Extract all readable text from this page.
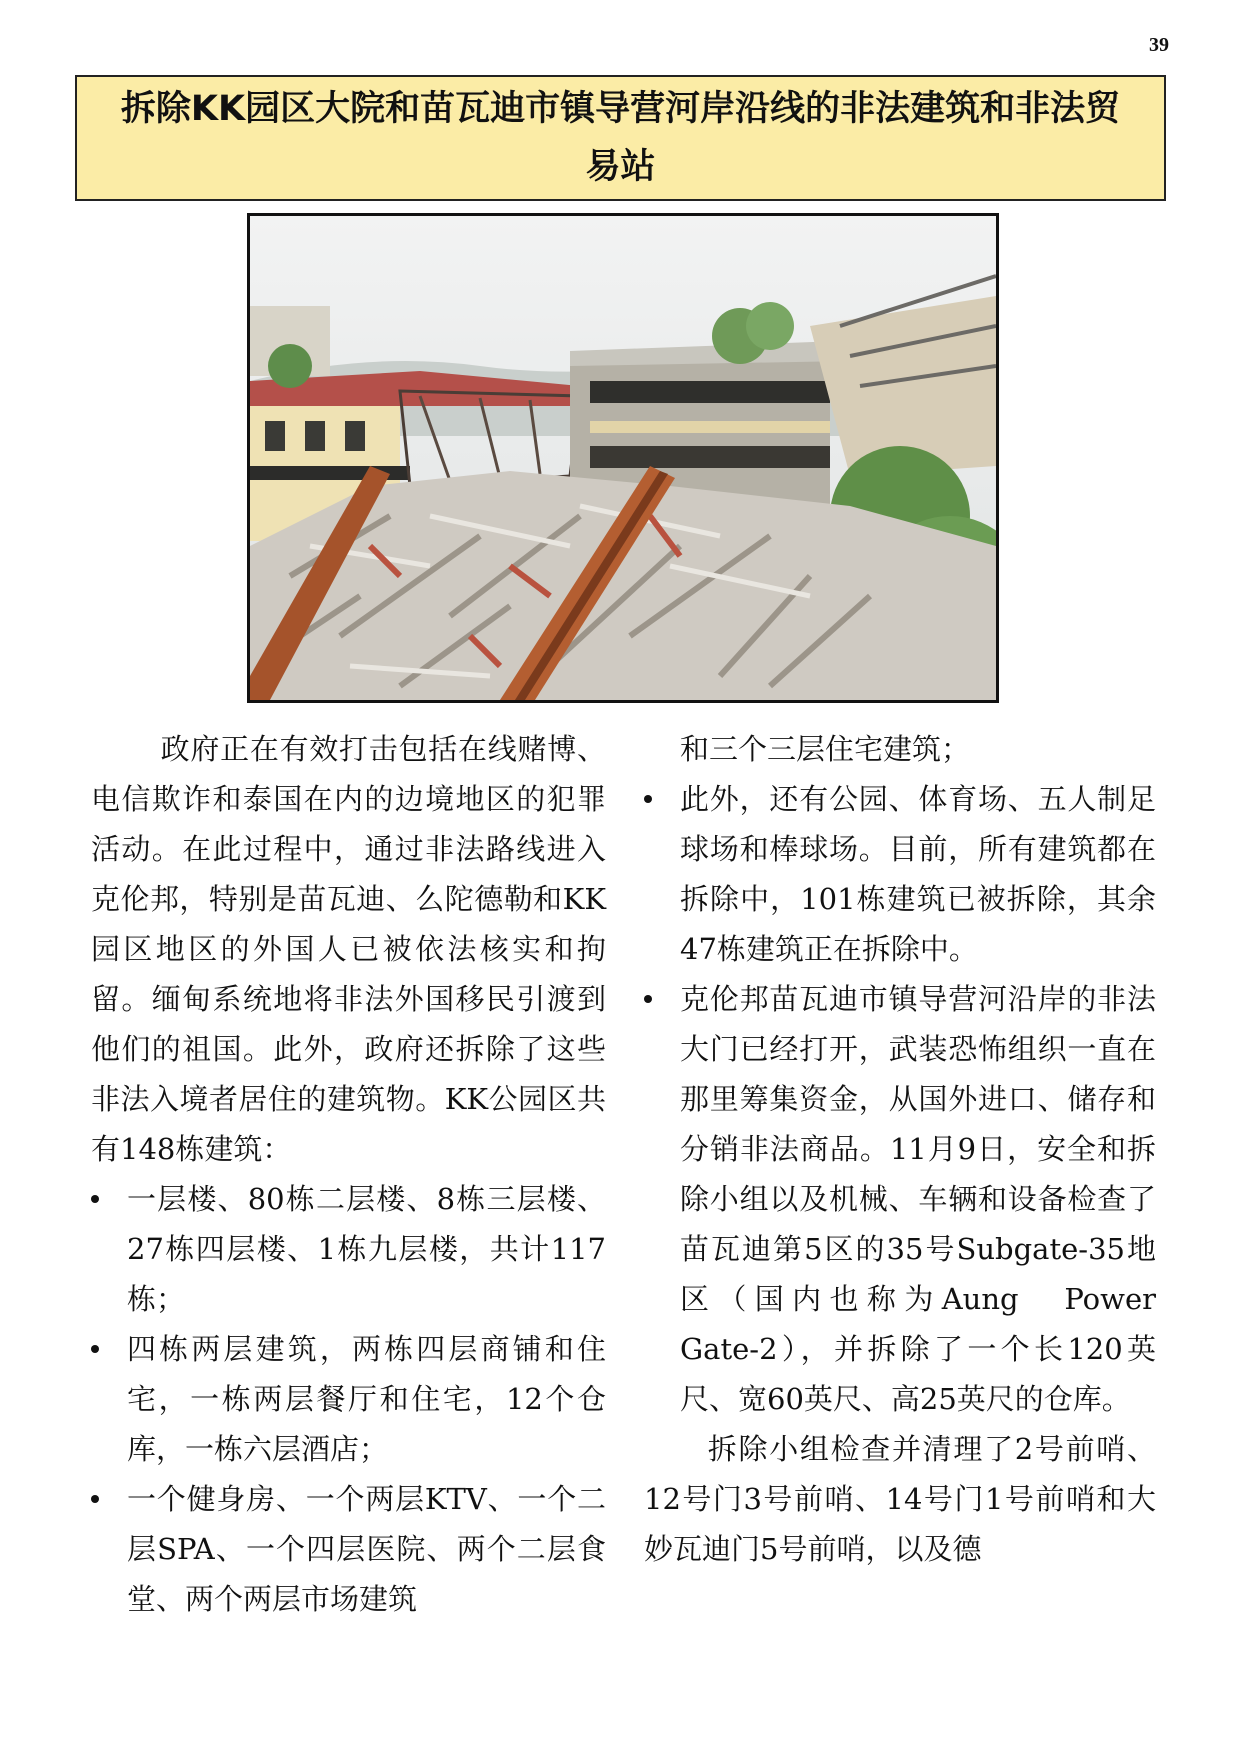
39
拆除KK园区大院和苗瓦迪市镇导营河岸沿线的非法建筑和非法贸易站

政府正在有效打击包括在线赌博、电信欺诈和泰国在内的边境地区的犯罪活动。在此过程中，通过非法路线进入克伦邦，特别是苗瓦迪、么陀德勒和KK　园区地区的外国人已被依法核实和拘留。缅甸系统地将非法外国移民引渡到他们的祖国。此外，政府还拆除了这些非法入境者居住的建筑物。KK公园区共有148栋建筑：

一层楼、80栋二层楼、8栋三层楼、27栋四层楼、1栋九层楼，共计117栋；
四栋两层建筑，两栋四层商铺和住宅，一栋两层餐厅和住宅，12个仓库，一栋六层酒店；
一个健身房、一个两层KTV、一个二层SPA、一个四层医院、两个二层食堂、两个两层市场建筑

和三个三层住宅建筑；

此外，还有公园、体育场、五人制足球场和棒球场。目前，所有建筑都在拆除中，101栋建筑已被拆除，其余47栋建筑正在拆除中。
克伦邦苗瓦迪市镇导营河沿岸的非法大门已经打开，武装恐怖组织一直在那里筹集资金，从国外进口、储存和分销非法商品。11月9日，安全和拆除小组以及机械、车辆和设备检查了苗瓦迪第5区的35号Subgate-35地区（国内也称为Aung　Power　Gate-2），并拆除了一个长120英尺、宽60英尺、高25英尺的仓库。

拆除小组检查并清理了2号前哨、12号门3号前哨、14号门1号前哨和大妙瓦迪门5号前哨，以及德
